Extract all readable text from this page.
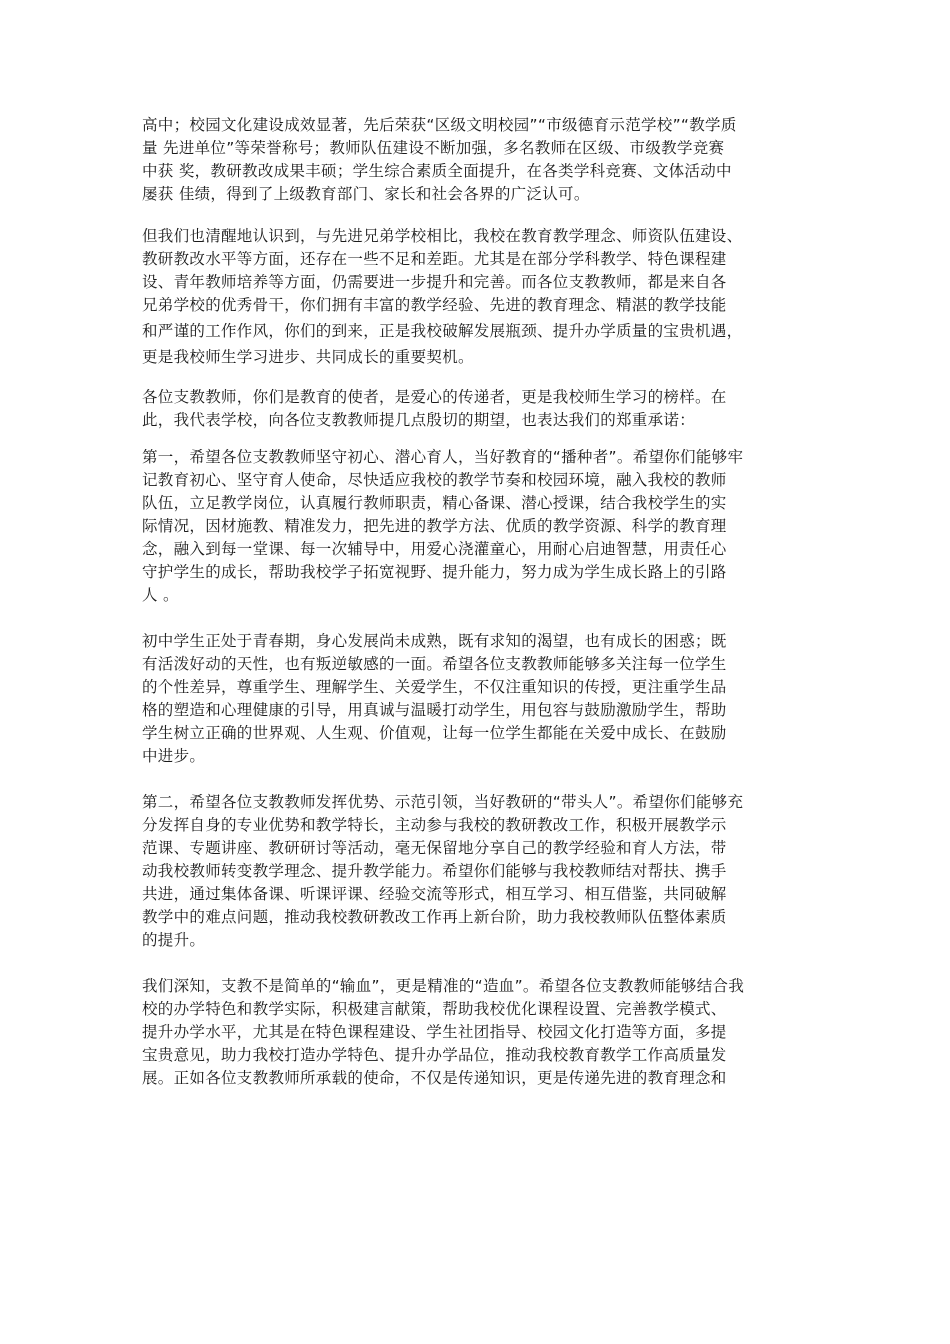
高中；校园文化建设成效显著，先后荣获“区级文明校园”“市级德育示范学校”“教学质
量 先进单位”等荣誉称号；教师队伍建设不断加强，多名教师在区级、市级教学竞赛
中获 奖，教研教改成果丰硕；学生综合素质全面提升，在各类学科竞赛、文体活动中
屡获 佳绩，得到了上级教育部门、家长和社会各界的广泛认可。
但我们也清醒地认识到，与先进兄弟学校相比，我校在教育教学理念、师资队伍建设、
教研教改水平等方面，还存在一些不足和差距。尤其是在部分学科教学、特色课程建
设、青年教师培养等方面，仍需要进一步提升和完善。而各位支教教师，都是来自各
兄弟学校的优秀骨干，你们拥有丰富的教学经验、先进的教育理念、精湛的教学技能
和严谨的工作作风，你们的到来，正是我校破解发展瓶颈、提升办学质量的宝贵机遇，
更是我校师生学习进步、共同成长的重要契机。
各位支教教师，你们是教育的使者，是爱心的传递者，更是我校师生学习的榜样。在
此，我代表学校，向各位支教教师提几点殷切的期望，也表达我们的郑重承诺：
第一，希望各位支教教师坚守初心、潜心育人，当好教育的“播种者”。希望你们能够牢
记教育初心、坚守育人使命，尽快适应我校的教学节奏和校园环境，融入我校的教师
队伍，立足教学岗位，认真履行教师职责，精心备课、潜心授课，结合我校学生的实
际情况，因材施教、精准发力，把先进的教学方法、优质的教学资源、科学的教育理
念，融入到每一堂课、每一次辅导中，用爱心浇灌童心，用耐心启迪智慧，用责任心
守护学生的成长，帮助我校学子拓宽视野、提升能力，努力成为学生成长路上的引路
人 。
初中学生正处于青春期，身心发展尚未成熟，既有求知的渴望，也有成长的困惑；既
有活泼好动的天性，也有叛逆敏感的一面。希望各位支教教师能够多关注每一位学生
的个性差异，尊重学生、理解学生、关爱学生，不仅注重知识的传授，更注重学生品
格的塑造和心理健康的引导，用真诚与温暖打动学生，用包容与鼓励激励学生，帮助
学生树立正确的世界观、人生观、价值观，让每一位学生都能在关爱中成长、在鼓励
中进步。
第二，希望各位支教教师发挥优势、示范引领，当好教研的“带头人”。希望你们能够充
分发挥自身的专业优势和教学特长，主动参与我校的教研教改工作，积极开展教学示
范课、专题讲座、教研研讨等活动，毫无保留地分享自己的教学经验和育人方法，带
动我校教师转变教学理念、提升教学能力。希望你们能够与我校教师结对帮扶、携手
共进，通过集体备课、听课评课、经验交流等形式，相互学习、相互借鉴，共同破解
教学中的难点问题，推动我校教研教改工作再上新台阶，助力我校教师队伍整体素质
的提升。
我们深知，支教不是简单的“输血”，更是精准的“造血”。希望各位支教教师能够结合我
校的办学特色和教学实际，积极建言献策，帮助我校优化课程设置、完善教学模式、
提升办学水平，尤其是在特色课程建设、学生社团指导、校园文化打造等方面，多提
宝贵意见，助力我校打造办学特色、提升办学品位，推动我校教育教学工作高质量发
展。正如各位支教教师所承载的使命，不仅是传递知识，更是传递先进的教育理念和
